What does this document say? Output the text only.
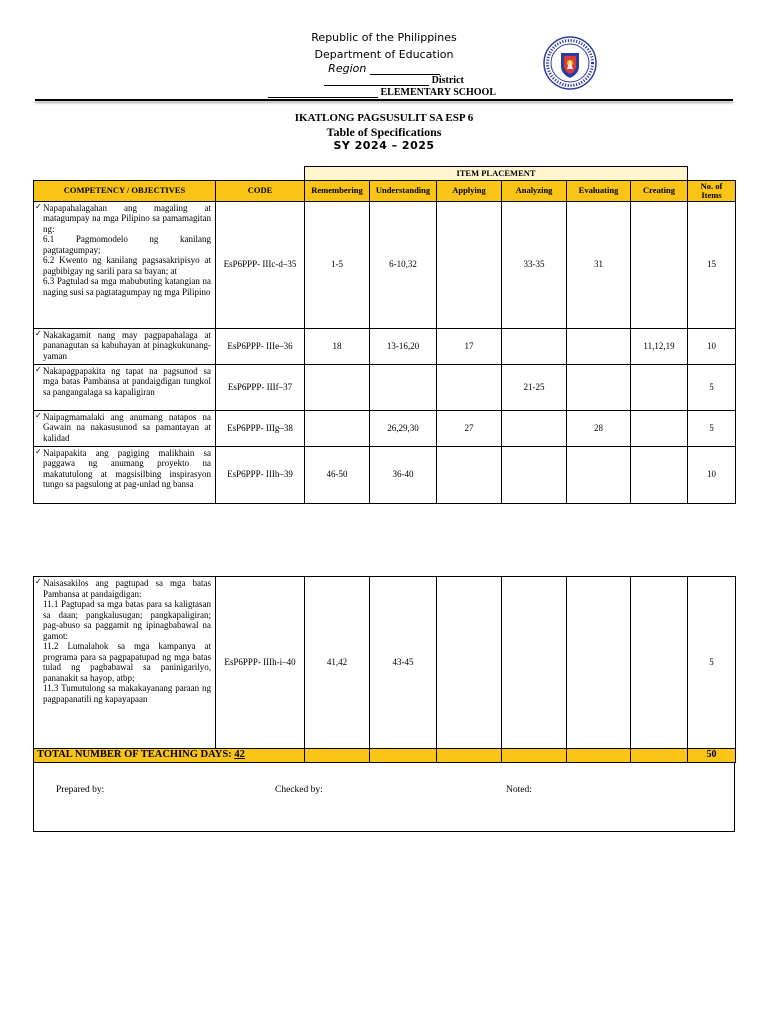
Republic of the Philippines
Department of Education
Region
District
ELEMENTARY SCHOOL
IKATLONG PAGSUSULIT SA ESP 6
Table of Specifications
SY 2024 – 2025
		ITEM PLACEMENT						
COMPETENCY / OBJECTIVES	CODE	Remembering	Understanding	Applying	Analyzing	Evaluating	Creating	No. of Items
✓ Napapahalagahan ang magaling at matagumpay na mga Pilipino sa pamamagitan ng:
6.1 Pagmomodelo ng kanilang pagtatagumpay;
6.2 Kwento ng kanilang pagsasakripisyo at pagbibigay ng sarili para sa bayan; at
6.3 Pagtulad sa mga mabubuting katangian na naging susi sa pagtatagumpay ng mga Pilipino	EsP6PPP- IIIc-d–35	1-5	6-10,32		33-35	31		15
✓ Nakakagamit nang may pagpapahalaga at pananagutan sa kabuhayan at pinagkukunang-yaman	EsP6PPP- IIIe–36	18	13-16,20	17			11,12,19	10
✓ Nakapagpapakita ng tapat na pagsunod sa mga batas Pambansa at pandaigdigan tungkol sa pangangalaga sa kapaligiran	EsP6PPP- IIIf–37				21-25			5
✓ Naipagmamalaki ang anumang natapos na Gawain na nakasusunod sa pamantayan at kalidad	EsP6PPP- IIIg–38		26,29,30	27		28		5
✓ Naipapakita ang pagiging malikhain sa paggawa ng anumang proyekto na makatutulong at magsisilbing inspirasyon tungo sa pagsulong at pag-unlad ng bansa	EsP6PPP- IIIh–39	46-50	36-40					10
✓ Naisasakilos ang pagtupad sa mga batas Pambansa at pandaigdigan:
11.1 Pagtupad sa mga batas para sa kaligtasan sa daan; pangkalusugan; pangkapaligiran; pag-abuso sa paggamit ng ipinagbabawal na gamot:
11.2 Lumalahok sa mga kampanya at programa para sa pagpapatupad ng mga batas tulad ng pagbabawal sa paninigarilyo, pananakit sa hayop, atbp;
11.3 Tumutulong sa makakayanang paraan ng pagpapanatili ng kapayapaan	EsP6PPP- IIIh-i–40	41,42	43-45					5
TOTAL NUMBER OF TEACHING DAYS: 42								50
Prepared by:	Checked by:	Noted:
